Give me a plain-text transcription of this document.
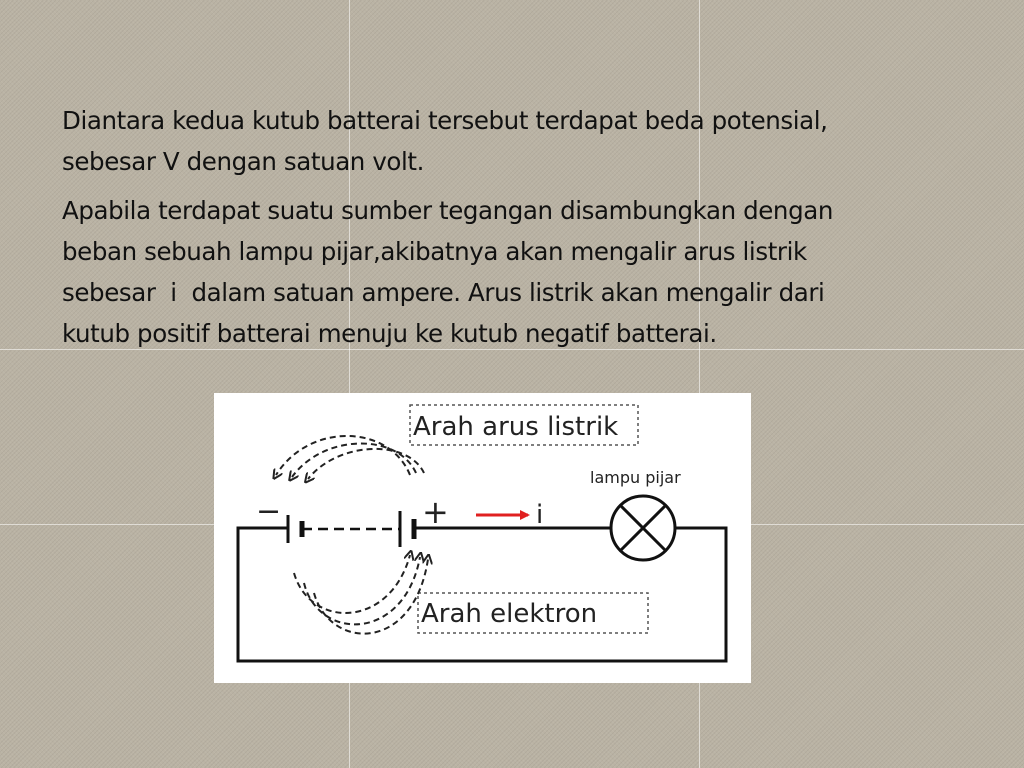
Diantara kedua kutub batterai tersebut terdapat beda potensial,
sebesar V dengan satuan volt.

Apabila terdapat suatu sumber tegangan disambungkan dengan
beban sebuah lampu pijar,akibatnya akan mengalir arus listrik
sebesar  i  dalam satuan ampere. Arus listrik akan mengalir dari
kutub positif batterai menuju ke kutub negatif batterai.

−	+	i
lampu pijar
Arah arus listrik
Arah elektron
